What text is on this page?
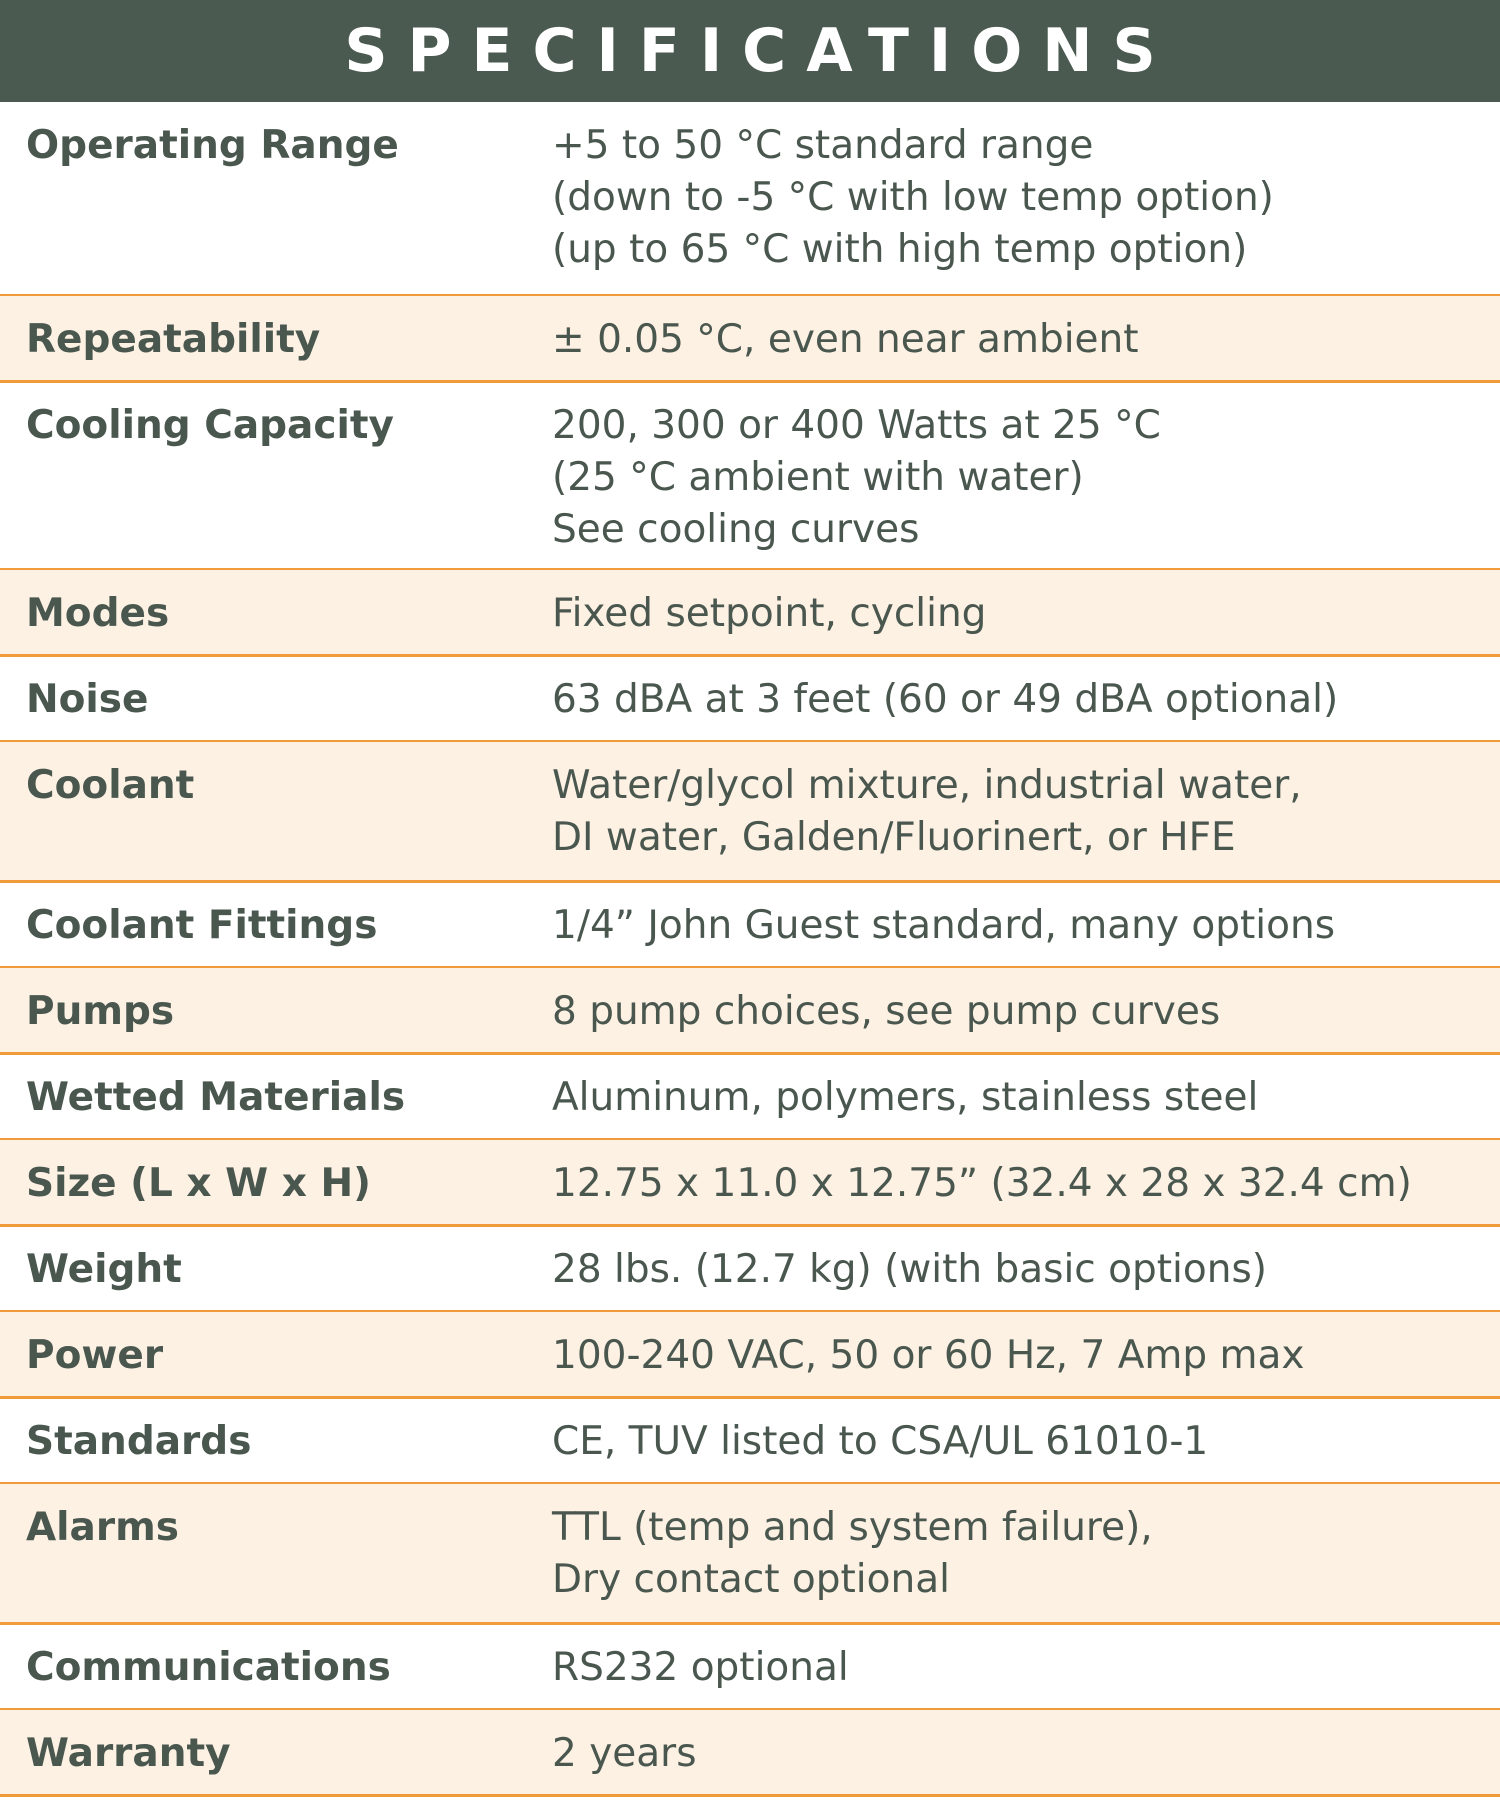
SPECIFICATIONS
Operating Range	+5 to 50 °C standard range
(down to -5 °C with low temp option)
(up to 65 °C with high temp option)
Repeatability	± 0.05 °C, even near ambient
Cooling Capacity	200, 300 or 400 Watts at 25 °C
(25 °C ambient with water)
See cooling curves
Modes	Fixed setpoint, cycling
Noise	63 dBA at 3 feet (60 or 49 dBA optional)
Coolant	Water/glycol mixture, industrial water,
DI water, Galden/Fluorinert, or HFE
Coolant Fittings	1/4” John Guest standard, many options
Pumps	8 pump choices, see pump curves
Wetted Materials	Aluminum, polymers, stainless steel
Size (L x W x H)	12.75 x 11.0 x 12.75” (32.4 x 28 x 32.4 cm)
Weight	28 lbs. (12.7 kg) (with basic options)
Power	100-240 VAC, 50 or 60 Hz, 7 Amp max
Standards	CE, TUV listed to CSA/UL 61010-1
Alarms	TTL (temp and system failure),
Dry contact optional
Communications	RS232 optional
Warranty	2 years
